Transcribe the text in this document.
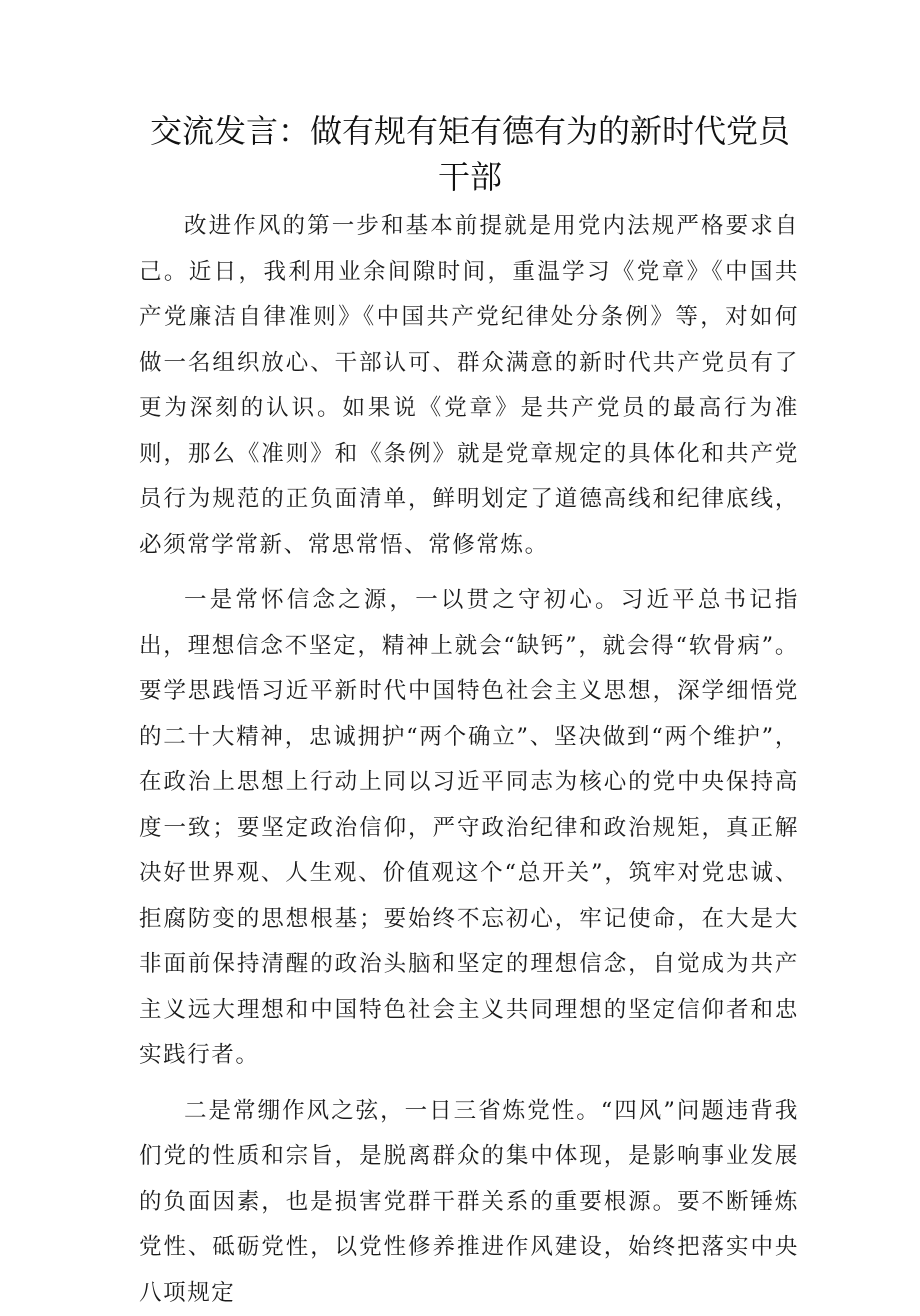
交流发言：做有规有矩有德有为的新时代党员干部

改进作风的第一步和基本前提就是用党内法规严格要求自己。近日，我利用业余间隙时间，重温学习《党章》《中国共产党廉洁自律准则》《中国共产党纪律处分条例》等，对如何做一名组织放心、干部认可、群众满意的新时代共产党员有了更为深刻的认识。如果说《党章》是共产党员的最高行为准则，那么《准则》和《条例》就是党章规定的具体化和共产党员行为规范的正负面清单，鲜明划定了道德高线和纪律底线，必须常学常新、常思常悟、常修常炼。

一是常怀信念之源，一以贯之守初心。习近平总书记指出，理想信念不坚定，精神上就会“缺钙”，就会得“软骨病”。要学思践悟习近平新时代中国特色社会主义思想，深学细悟党的二十大精神，忠诚拥护“两个确立”、坚决做到“两个维护”，在政治上思想上行动上同以习近平同志为核心的党中央保持高度一致；要坚定政治信仰，严守政治纪律和政治规矩，真正解决好世界观、人生观、价值观这个“总开关”，筑牢对党忠诚、拒腐防变的思想根基；要始终不忘初心，牢记使命，在大是大非面前保持清醒的政治头脑和坚定的理想信念，自觉成为共产主义远大理想和中国特色社会主义共同理想的坚定信仰者和忠实践行者。

二是常绷作风之弦，一日三省炼党性。“四风”问题违背我们党的性质和宗旨，是脱离群众的集中体现，是影响事业发展的负面因素，也是损害党群干群关系的重要根源。要不断锤炼党性、砥砺党性，以党性修养推进作风建设，始终把落实中央八项规定
